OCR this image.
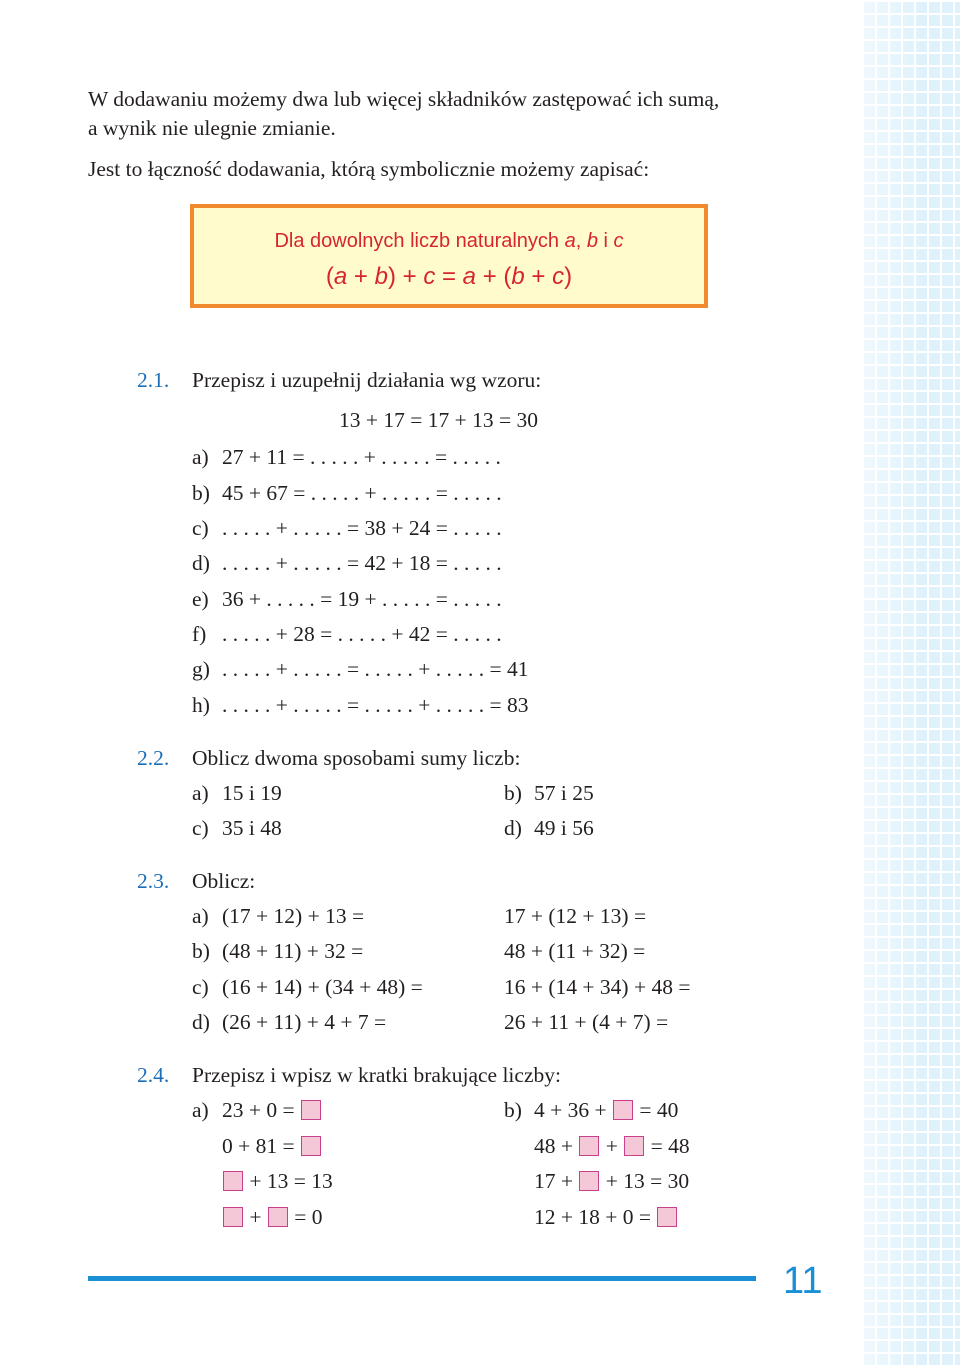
W dodawaniu możemy dwa lub więcej składników zastępować ich sumą,
a wynik nie ulegnie zmianie.
Jest to łączność dodawania, którą symbolicznie możemy zapisać:
Dla dowolnych liczb naturalnych a, b i c
(a + b) + c = a + (b + c)
2.1. Przepisz i uzupełnij działania wg wzoru:
13 + 17 = 17 + 13 = 30
a) 27 + 11 = . . . . . + . . . . . = . . . . .
b) 45 + 67 = . . . . . + . . . . . = . . . . .
c) . . . . . + . . . . . = 38 + 24 = . . . . .
d) . . . . . + . . . . . = 42 + 18 = . . . . .
e) 36 + . . . . . = 19 + . . . . . = . . . . .
f) . . . . . + 28 = . . . . . + 42 = . . . . .
g) . . . . . + . . . . . = . . . . . + . . . . . = 41
h) . . . . . + . . . . . = . . . . . + . . . . . = 83
2.2. Oblicz dwoma sposobami sumy liczb:
a) 15 i 19	b) 57 i 25
c) 35 i 48	d) 49 i 56
2.3. Oblicz:
a) (17 + 12) + 13 =	17 + (12 + 13) =
b) (48 + 11) + 32 =	48 + (11 + 32) =
c) (16 + 14) + (34 + 48) =	16 + (14 + 34) + 48 =
d) (26 + 11) + 4 + 7 =	26 + 11 + (4 + 7) =
2.4. Przepisz i wpisz w kratki brakujące liczby:
a) 23 + 0 =
0 + 81 =
+ 13 = 13
+ = 0
b) 4 + 36 + = 40
48 + + = 48
17 + + 13 = 30
12 + 18 + 0 =
11
